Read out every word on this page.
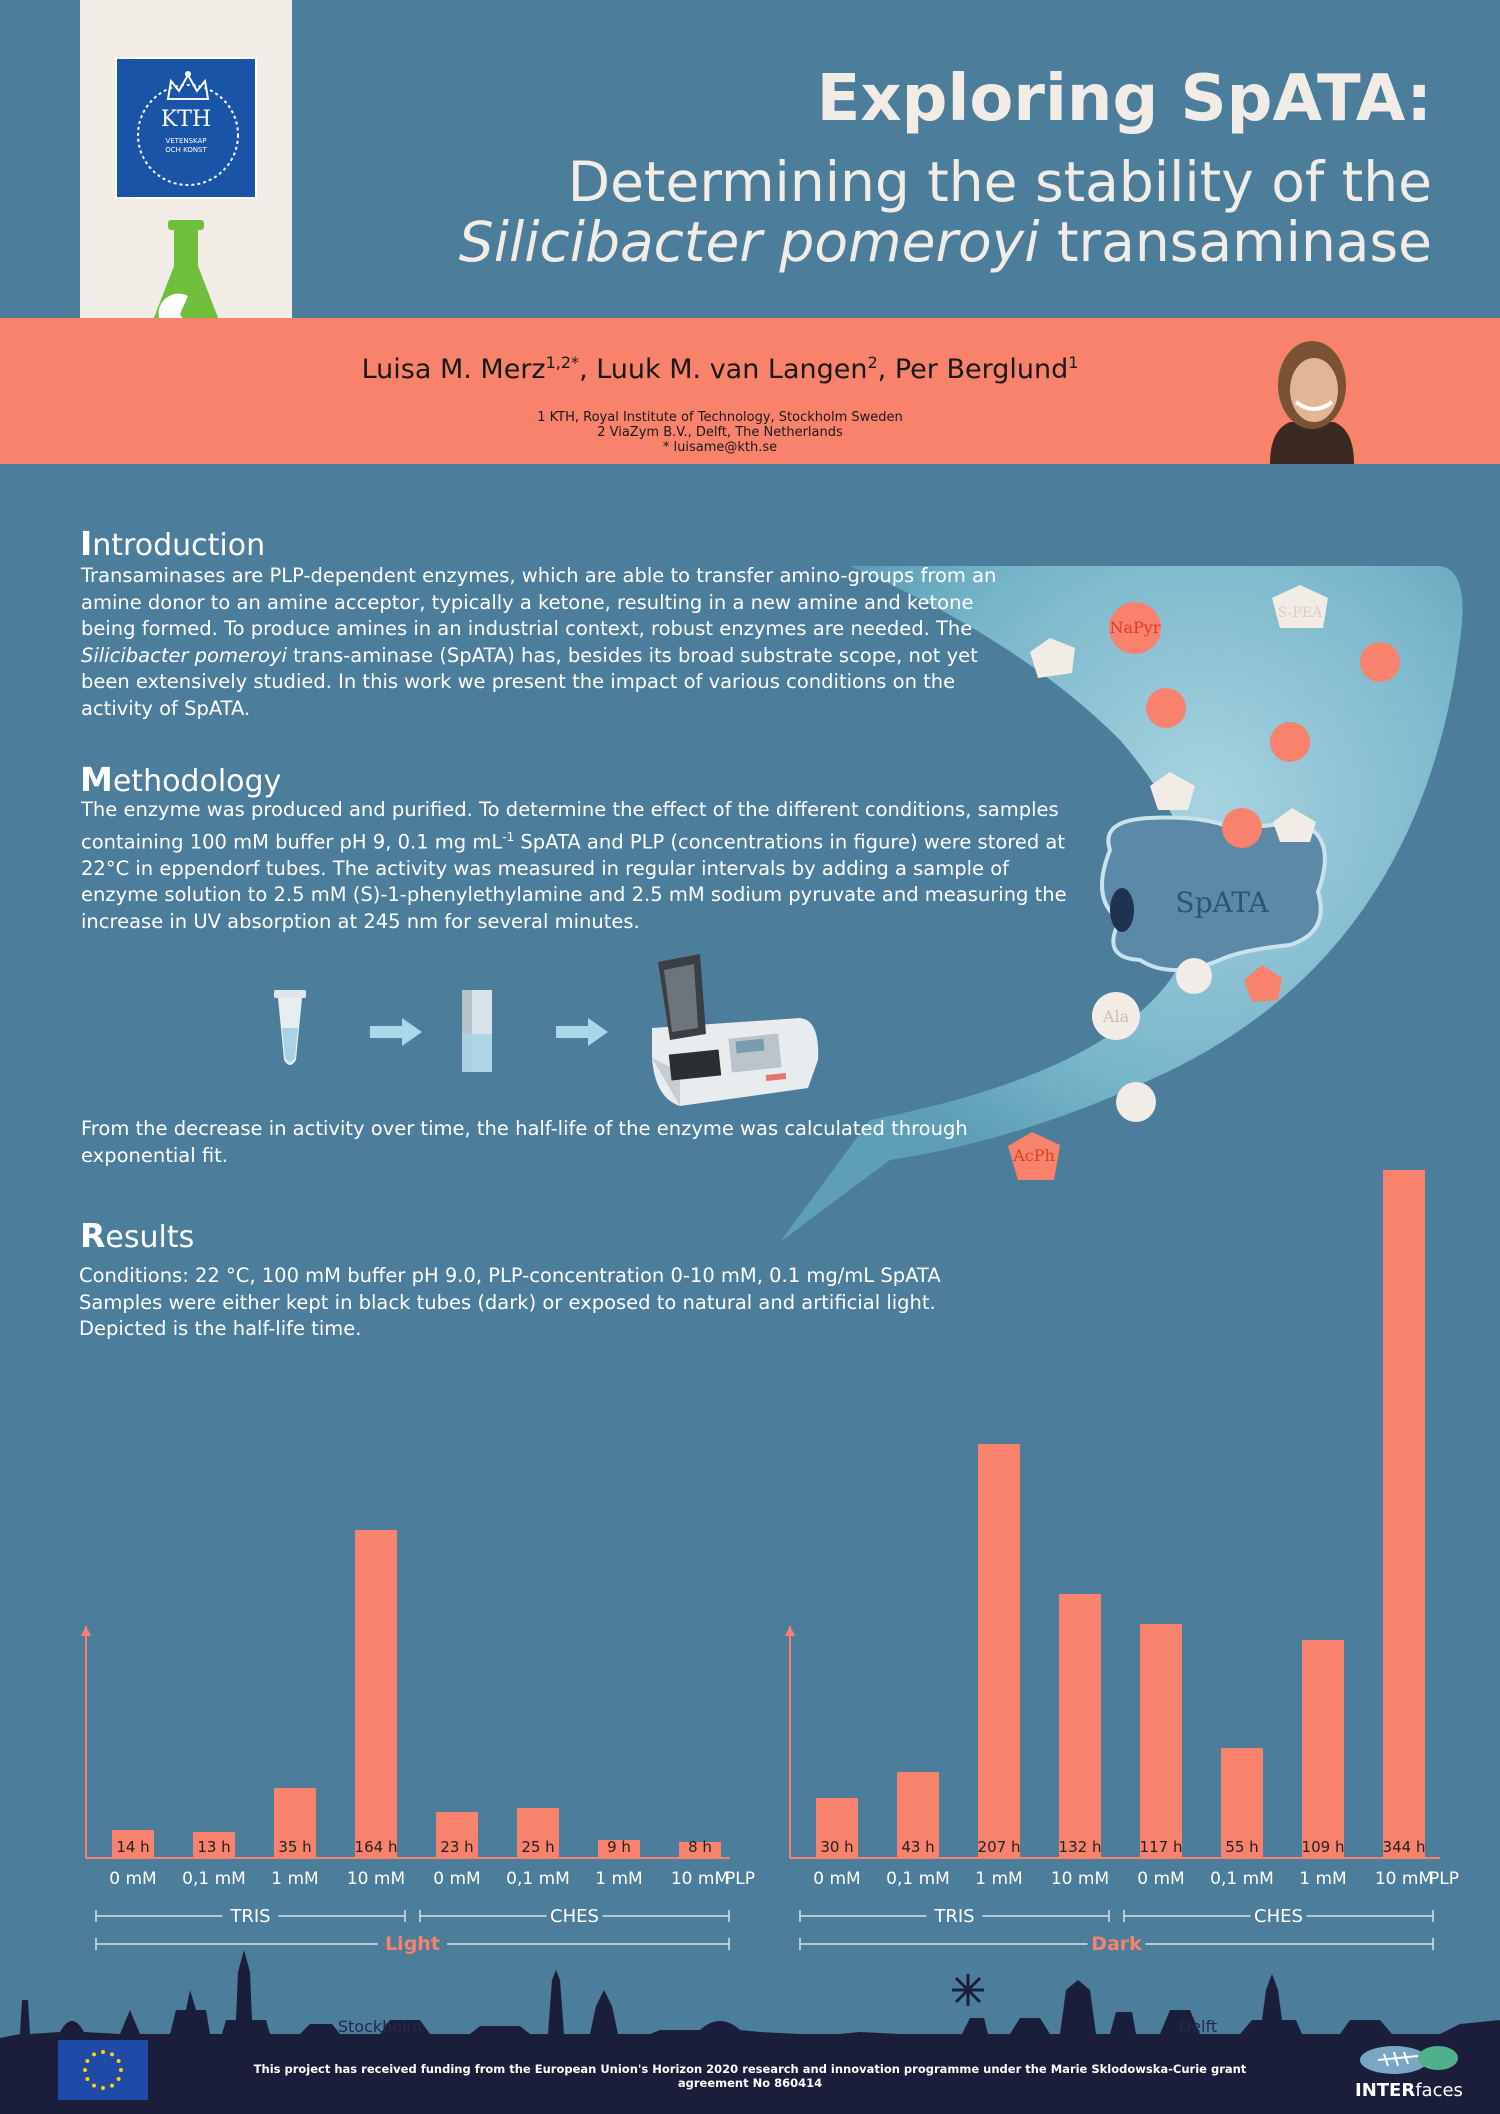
KTH
VETENSKAP
OCH KONST
Exploring SpATA:
Determining the stability of the
Silicibacter pomeroyi transaminase
Luisa M. Merz$^{1,2*}$, Luuk M. van Langen$^2$, Per Berglund$^1$
1 KTH, Royal Institute of Technology, Stockholm Sweden
2 ViaZym B.V., Delft, The Netherlands
* luisame@kth.se
SpATA
NaPyr
S-PEA
Ala
AcPh
Introduction
Transaminases are PLP-dependent enzymes, which are able to transfer amino-groups from an amine donor to an amine acceptor, typically a ketone, resulting in a new amine and ketone being formed. To produce amines in an industrial context, robust enzymes are needed. The Silicibacter pomeroyi trans-aminase (SpATA) has, besides its broad substrate scope, not yet been extensively studied. In this work we present the impact of various conditions on the activity of SpATA.
Methodology
The enzyme was produced and purified. To determine the effect of the different conditions, samples containing 100 mM buffer pH 9, 0.1 mg $mL^{-1}$ SpATA and PLP (concentrations in figure) were stored at 22°C in eppendorf tubes. The activity was measured in regular intervals by adding a sample of enzyme solution to 2.5 mM (S)-1-phenylethylamine and 2.5 mM sodium pyruvate and measuring the increase in UV absorption at 245 nm for several minutes.
From the decrease in activity over time, the half-life of the enzyme was calculated through exponential fit.
Results
Conditions: 22 °C, 100 mM buffer pH 9.0, PLP-concentration 0-10 mM, 0.1 mg/mL SpATA
Samples were either kept in black tubes (dark) or exposed to natural and artificial light.
Depicted is the half-life time.
14 h
0 mM
13 h
0,1 mM
35 h
1 mM
164 h
10 mM
23 h
0 mM
25 h
0,1 mM
9 h
1 mM
8 h
10 mM
PLP
TRIS	CHES
Light
30 h
0 mM
43 h
0,1 mM
207 h
1 mM
132 h
10 mM
117 h
0 mM
55 h
0,1 mM
109 h
1 mM
344 h
10 mM
PLP
TRIS	CHES
Dark
Stockholm	Delft
This project has received funding from the European Union's Horizon 2020 research and innovation programme under the Marie Sklodowska-Curie grant agreement No 860414	INTERfaces
